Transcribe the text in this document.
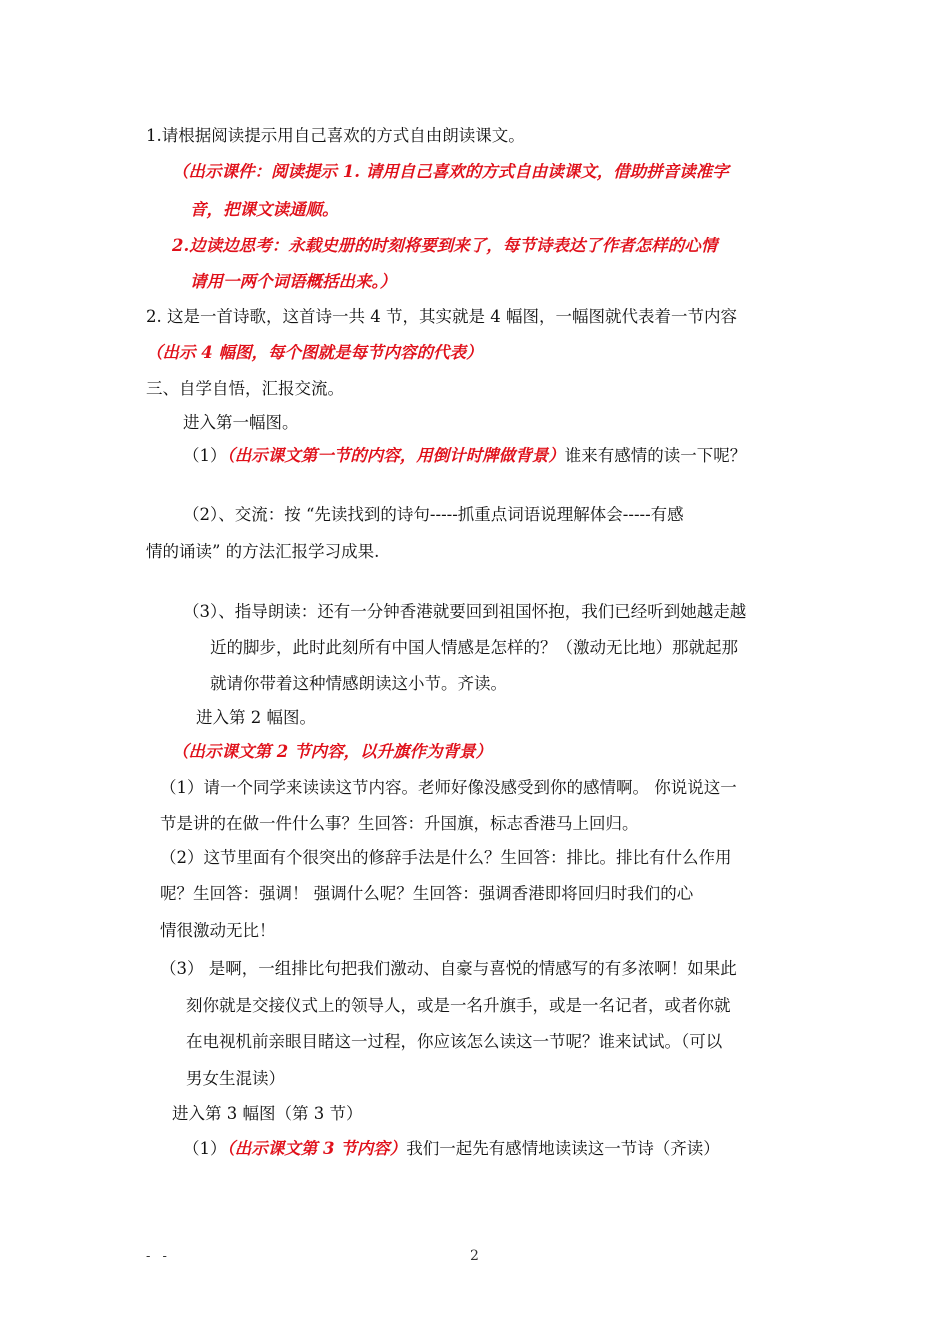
1.请根据阅读提示用自己喜欢的方式自由朗读课文。
（出示课件：阅读提示 1. 请用自己喜欢的方式自由读课文，借助拼音读准字
音，把课文读通顺。
2.边读边思考：永载史册的时刻将要到来了，每节诗表达了作者怎样的心情
请用一两个词语概括出来。）
2. 这是一首诗歌，这首诗一共 4 节，其实就是 4 幅图，一幅图就代表着一节内容
（出示 4 幅图，每个图就是每节内容的代表）
三、自学自悟，汇报交流。
进入第一幅图。
（1）（出示课文第一节的内容，用倒计时牌做背景）谁来有感情的读一下呢？
（2）、交流：按 “先读找到的诗句-----抓重点词语说理解体会-----有感
情的诵读” 的方法汇报学习成果.
（3）、指导朗读：还有一分钟香港就要回到祖国怀抱，我们已经听到她越走越
近的脚步，此时此刻所有中国人情感是怎样的？（激动无比地）那就起那
就请你带着这种情感朗读这小节。齐读。
进入第 2 幅图。
（出示课文第 2 节内容，以升旗作为背景）
（1）请一个同学来读读这节内容。老师好像没感受到你的感情啊。 你说说这一
节是讲的在做一件什么事？生回答：升国旗，标志香港马上回归。
（2）这节里面有个很突出的修辞手法是什么？生回答：排比。排比有什么作用
呢？生回答：强调！ 强调什么呢？生回答：强调香港即将回归时我们的心
情很激动无比！
（3） 是啊，一组排比句把我们激动、自豪与喜悦的情感写的有多浓啊！如果此
刻你就是交接仪式上的领导人，或是一名升旗手，或是一名记者，或者你就
在电视机前亲眼目睹这一过程，你应该怎么读这一节呢？谁来试试。（可以
男女生混读）
进入第 3 幅图（第 3 节）
（1）（出示课文第 3 节内容）我们一起先有感情地读读这一节诗（齐读）
- -	2
